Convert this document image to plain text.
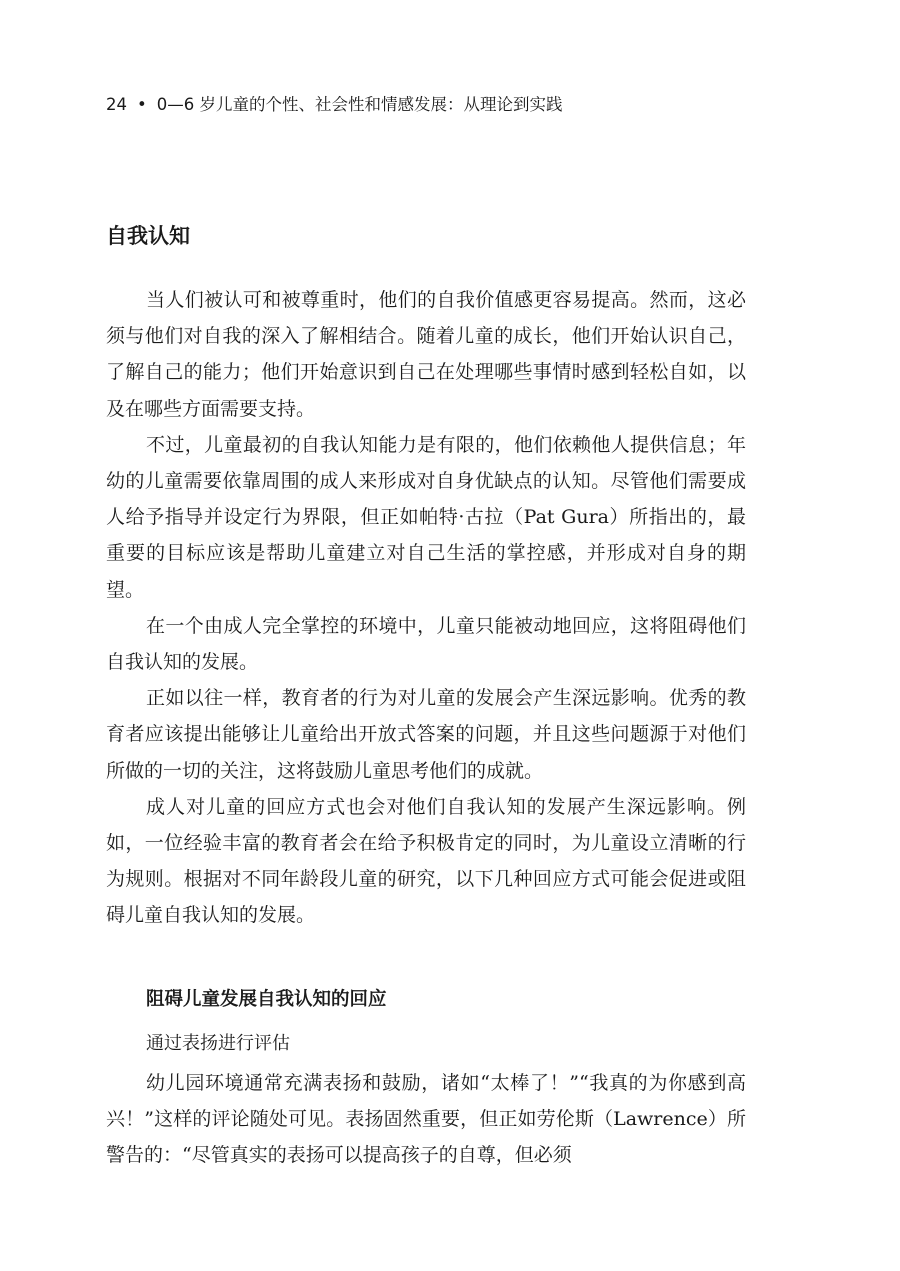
24 • 0—6 岁儿童的个性、社会性和情感发展：从理论到实践
自我认知

当人们被认可和被尊重时，他们的自我价值感更容易提高。然而，这必须与他们对自我的深入了解相结合。随着儿童的成长，他们开始认识自己，了解自己的能力；他们开始意识到自己在处理哪些事情时感到轻松自如，以及在哪些方面需要支持。

不过，儿童最初的自我认知能力是有限的，他们依赖他人提供信息；年幼的儿童需要依靠周围的成人来形成对自身优缺点的认知。尽管他们需要成人给予指导并设定行为界限，但正如帕特·古拉（Pat Gura）所指出的，最重要的目标应该是帮助儿童建立对自己生活的掌控感，并形成对自身的期望。

在一个由成人完全掌控的环境中，儿童只能被动地回应，这将阻碍他们自我认知的发展。

正如以往一样，教育者的行为对儿童的发展会产生深远影响。优秀的教育者应该提出能够让儿童给出开放式答案的问题，并且这些问题源于对他们所做的一切的关注，这将鼓励儿童思考他们的成就。

成人对儿童的回应方式也会对他们自我认知的发展产生深远影响。例如，一位经验丰富的教育者会在给予积极肯定的同时，为儿童设立清晰的行为规则。根据对不同年龄段儿童的研究，以下几种回应方式可能会促进或阻碍儿童自我认知的发展。

阻碍儿童发展自我认知的回应
通过表扬进行评估

幼儿园环境通常充满表扬和鼓励，诸如“太棒了！”“我真的为你感到高兴！”这样的评论随处可见。表扬固然重要，但正如劳伦斯（Lawrence）所警告的：“尽管真实的表扬可以提高孩子的自尊，但必须
